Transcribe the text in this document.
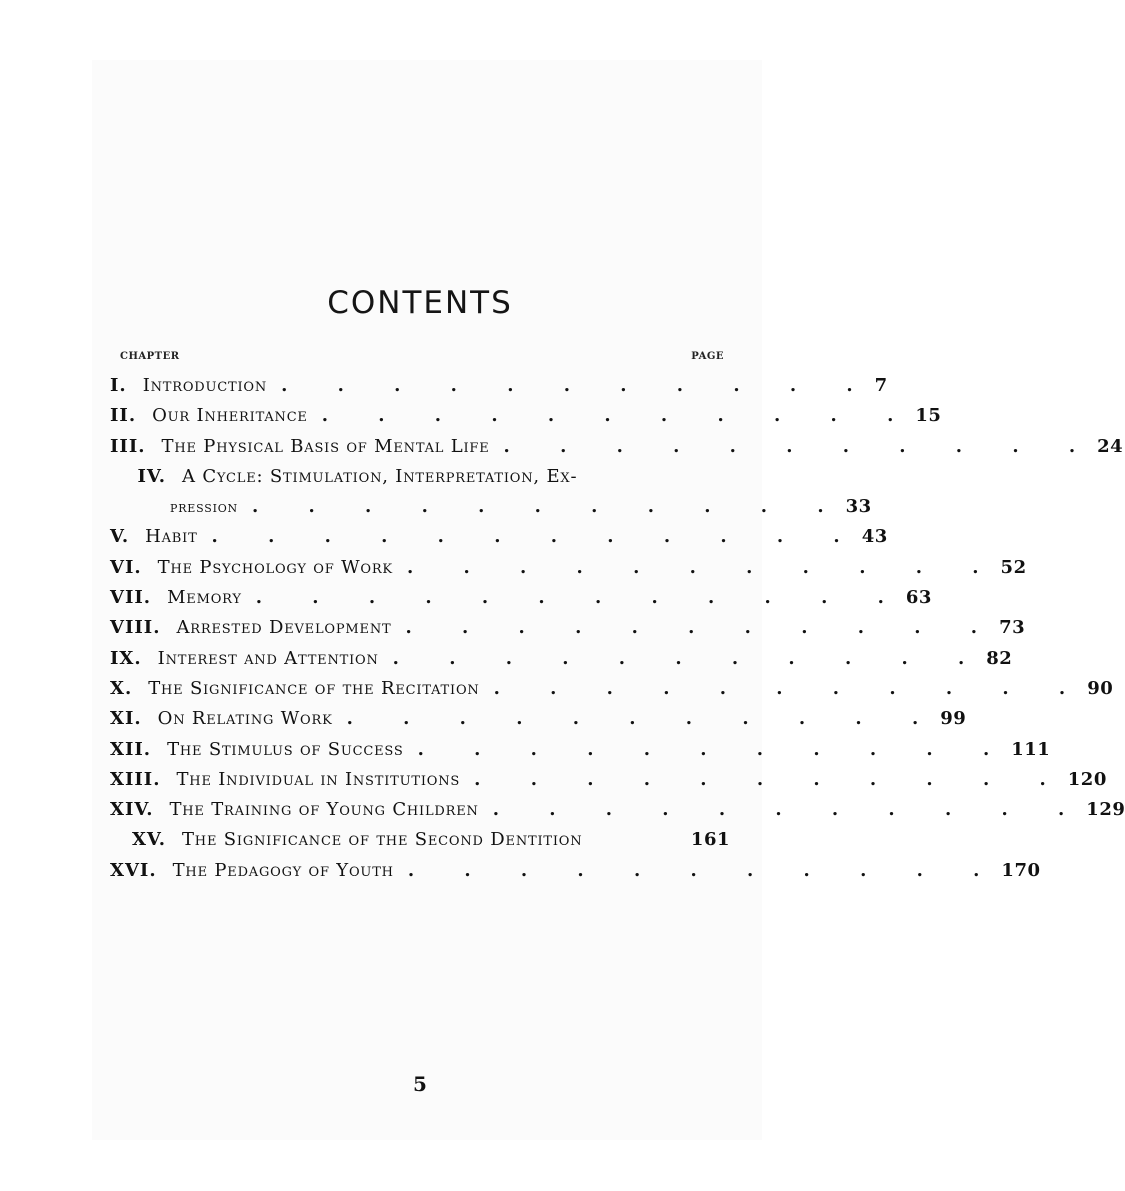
CONTENTS
CHAPTER	PAGE
I. Introduction . . . . . . . . . . . 7
II. Our Inheritance . . . . . . . . . . . 15
III. The Physical Basis of Mental Life . . . . . . . . . . . 24
IV. A Cycle: Stimulation, Interpretation, Ex-
pression . . . . . . . . . . . 33
V. Habit . . . . . . . . . . . . 43
VI. The Psychology of Work . . . . . . . . . . . 52
VII. Memory . . . . . . . . . . . . 63
VIII. Arrested Development . . . . . . . . . . . 73
IX. Interest and Attention . . . . . . . . . . . 82
X. The Significance of the Recitation . . . . . . . . . . . 90
XI. On Relating Work . . . . . . . . . . . 99
XII. The Stimulus of Success . . . . . . . . . . . 111
XIII. The Individual in Institutions . . . . . . . . . . . 120
XIV. The Training of Young Children . . . . . . . . . . . 129
XV. The Significance of the Second Dentition	161
XVI. The Pedagogy of Youth . . . . . . . . . . . 170
5
